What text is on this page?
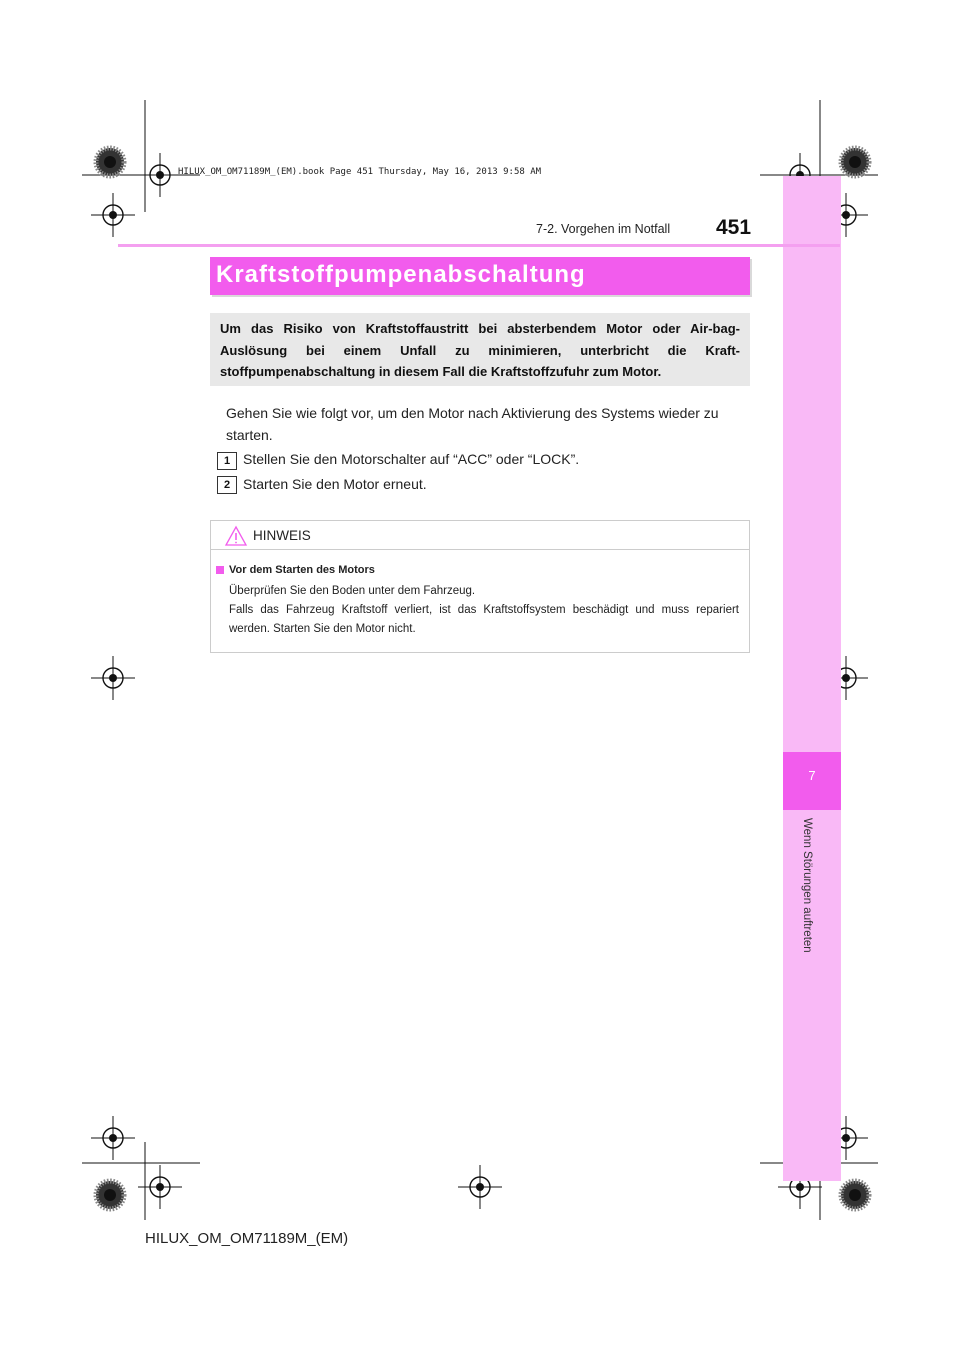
HILUX_OM_OM71189M_(EM).book Page 451 Thursday, May 16, 2013 9:58 AM
7
Wenn Störungen auftreten
7-2. Vorgehen im Notfall 451
Kraftstoffpumpenabschaltung
Um das Risiko von Kraftstoffaustritt bei absterbendem Motor oder Air-bag-Auslösung bei einem Unfall zu minimieren, unterbricht die Kraft-stoffpumpenabschaltung in diesem Fall die Kraftstoffzufuhr zum Motor.
Gehen Sie wie folgt vor, um den Motor nach Aktivierung des Systems wieder zu starten.
1 Stellen Sie den Motorschalter auf “ACC” oder “LOCK”.
2 Starten Sie den Motor erneut.
HINWEIS
Vor dem Starten des Motors
Überprüfen Sie den Boden unter dem Fahrzeug.
Falls das Fahrzeug Kraftstoff verliert, ist das Kraftstoffsystem beschädigt und muss repariert werden. Starten Sie den Motor nicht.
HILUX_OM_OM71189M_(EM)
